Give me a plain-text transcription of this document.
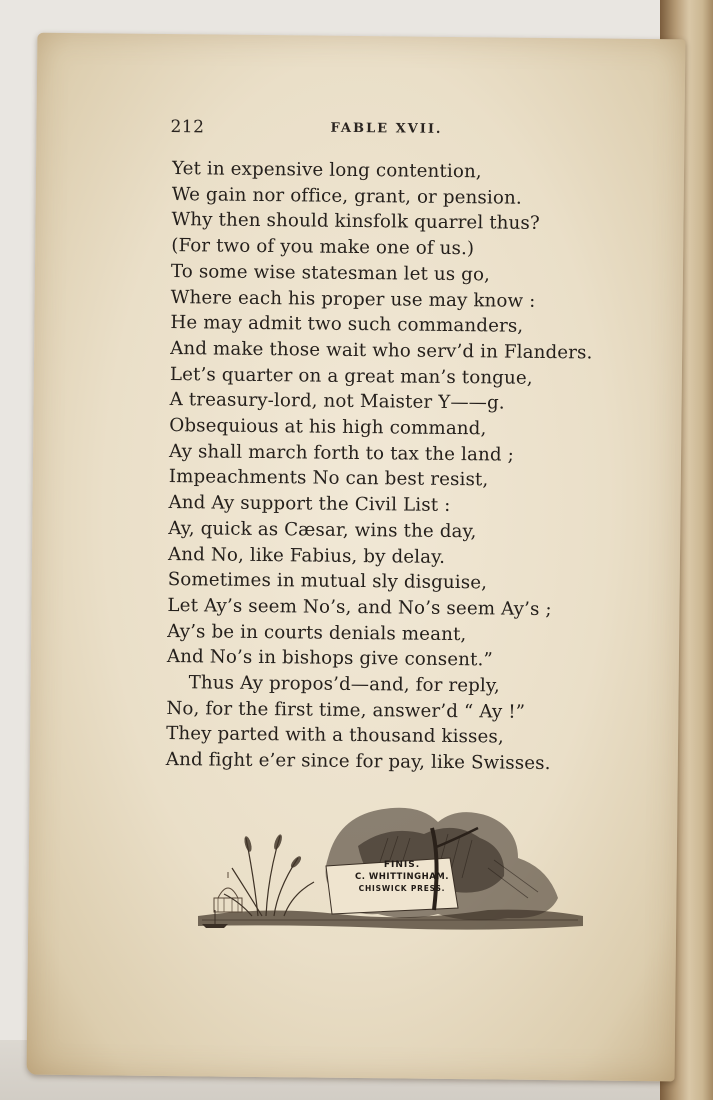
212	FABLE XVII.
Yet in expensive long contention,
We gain nor office, grant, or pension.
Why then should kinsfolk quarrel thus?
(For two of you make one of us.)
To some wise statesman let us go,
Where each his proper use may know :
He may admit two such commanders,
And make those wait who serv’d in Flanders.
Let’s quarter on a great man’s tongue,
A treasury-lord, not Maister Y——g.
Obsequious at his high command,
Ay shall march forth to tax the land ;
Impeachments No can best resist,
And Ay support the Civil List :
Ay, quick as Cæsar, wins the day,
And No, like Fabius, by delay.
Sometimes in mutual sly disguise,
Let Ay’s seem No’s, and No’s seem Ay’s ;
Ay’s be in courts denials meant,
And No’s in bishops give consent.”
Thus Ay propos’d—and, for reply,
No, for the first time, answer’d “ Ay !”
They parted with a thousand kisses,
And fight e’er since for pay, like Swisses.
FINIS.
C. WHITTINGHAM.
CHISWICK PRESS.
